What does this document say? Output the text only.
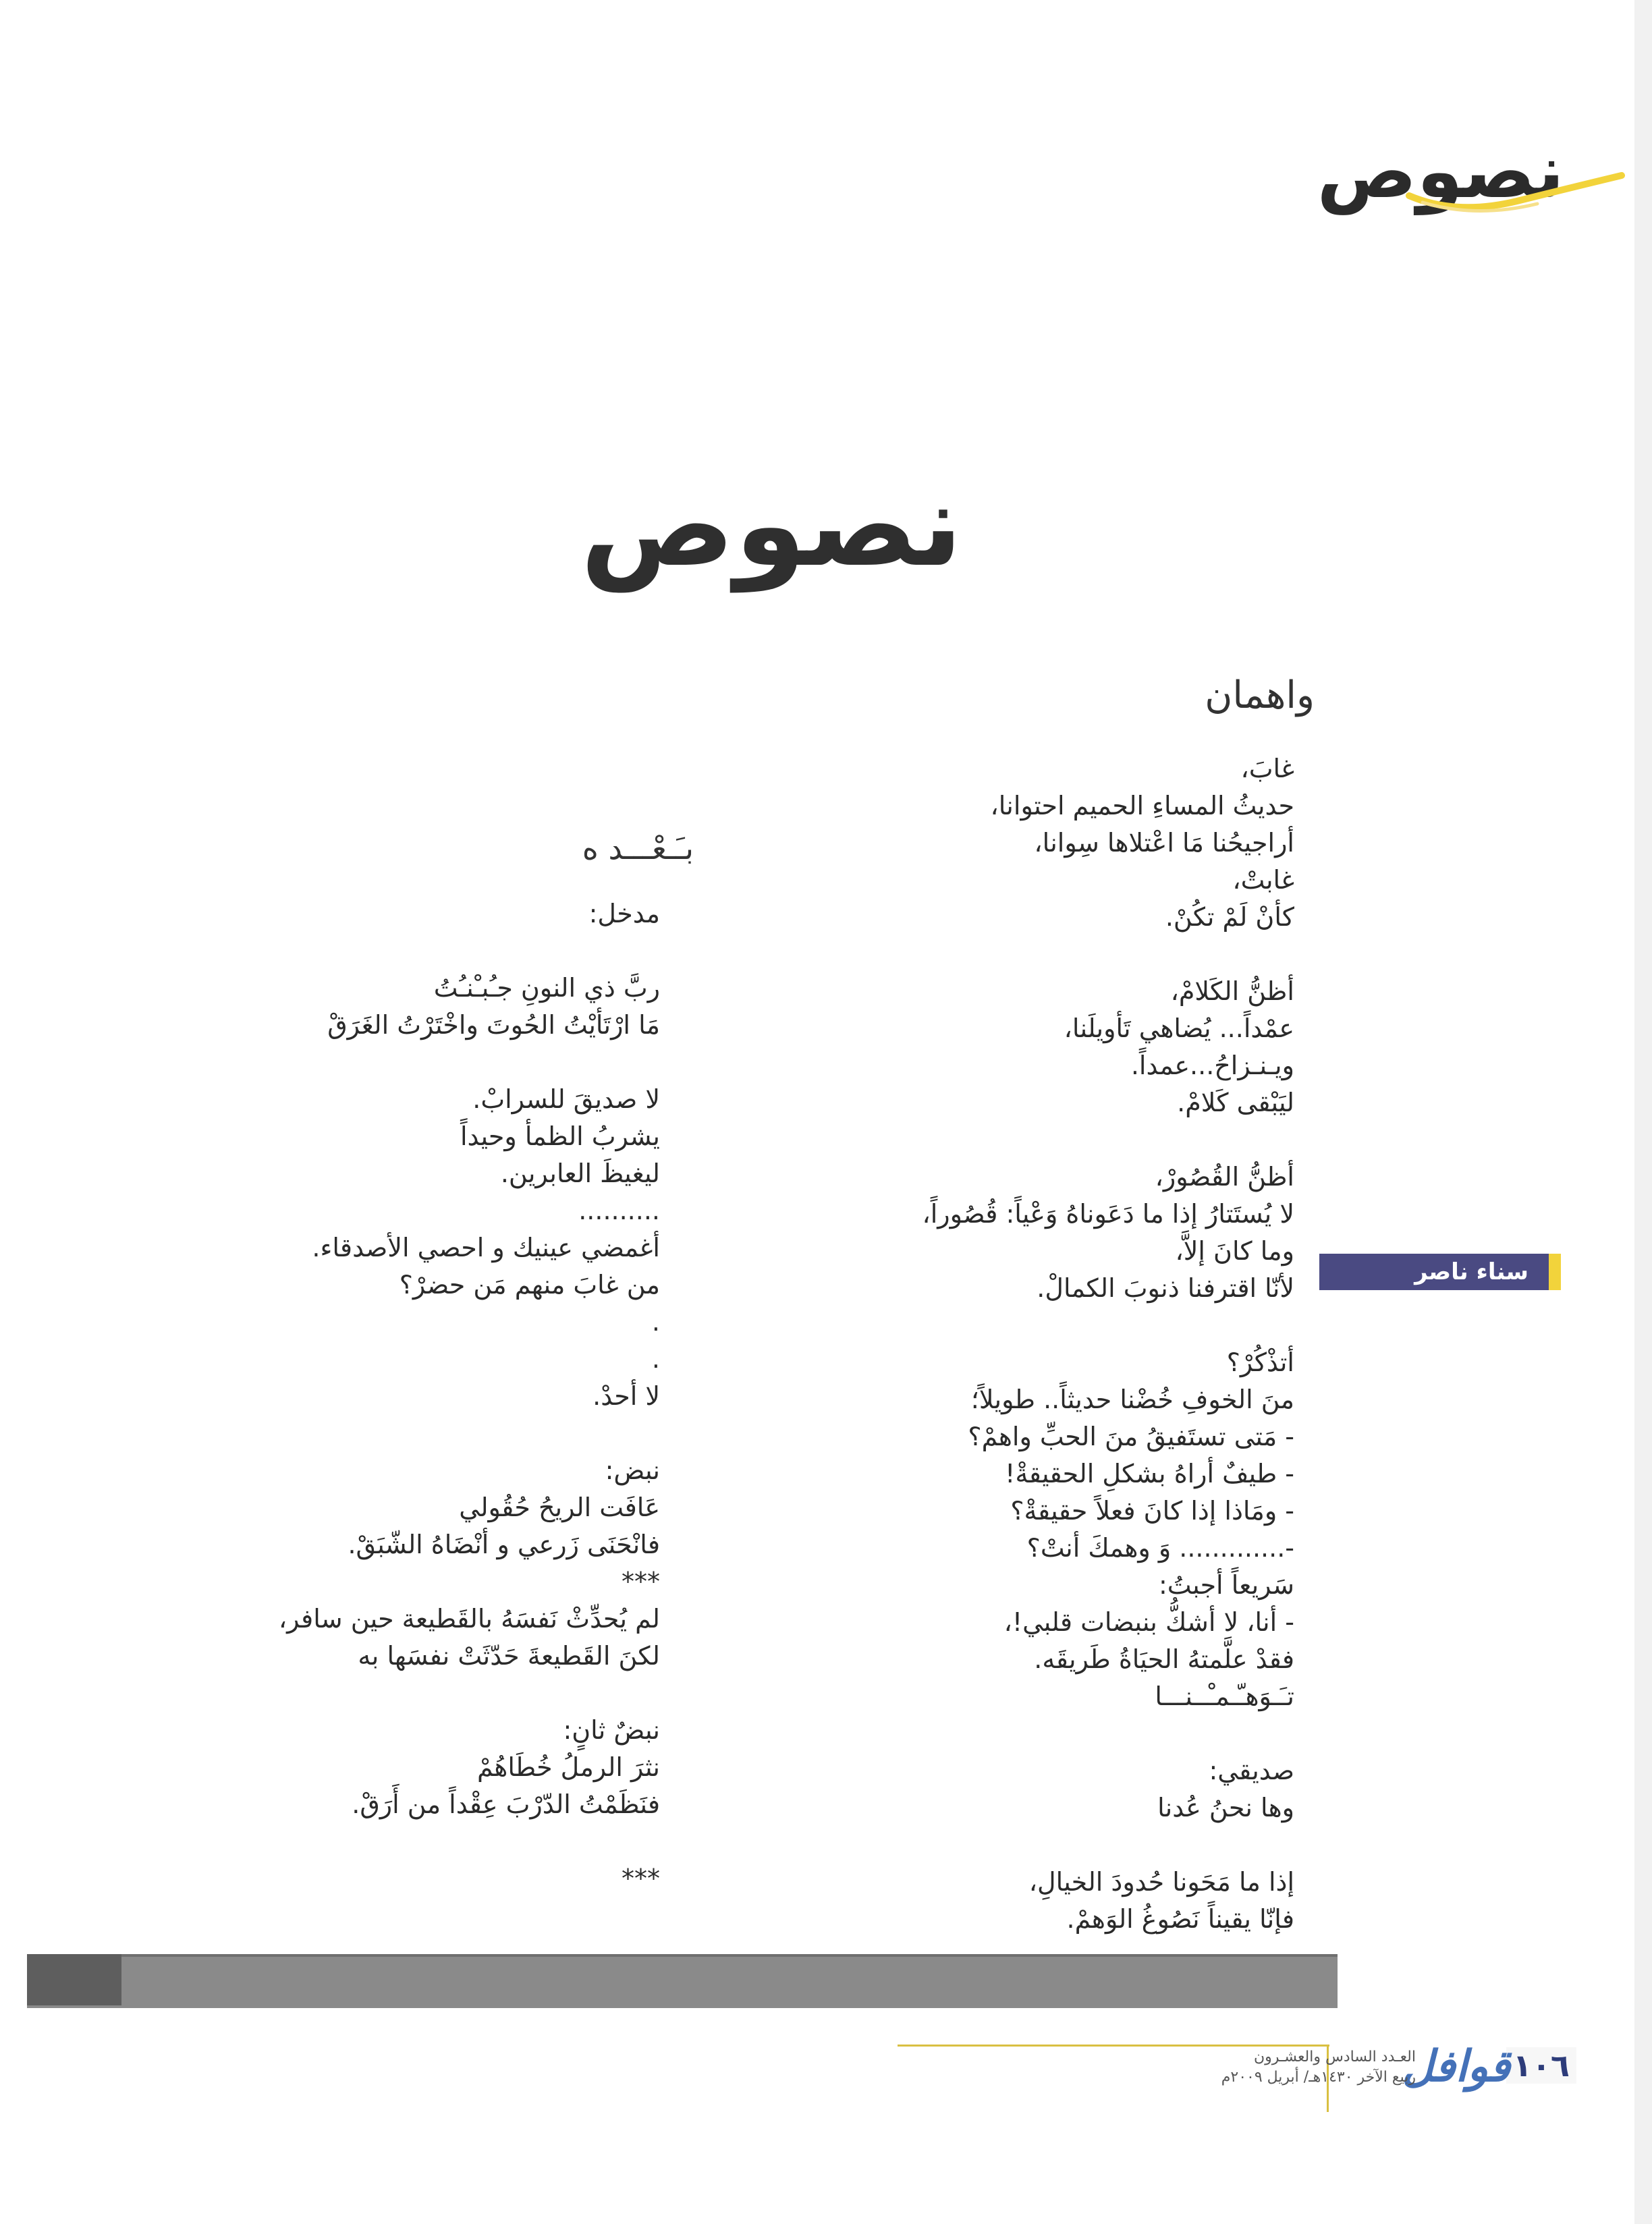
نصوص
نصوص
واهمان
غابَ،
حديثُ المساءِ الحميم احتوانا،
أراجيحُنا مَا اعْتلاها سِوانا،
غابتْ،
كأنْ لَمْ تكُنْ.
أظنُّ الكَلامْ،
عمْداً... يُضاهي تَأويلَنا،
ويـنـزاحُ...عمداً.
ليَبْقى كَلامْ.
أظنُّ القُصُورْ،
لا يُستَتارُ إذا ما دَعَوناهُ وَعْياً: قُصُوراً،
وما كانَ إلاَّ،
لأنّا اقترفنا ذنوبَ الكمالْ.
أتذْكُرْ؟
منَ الخوفِ خُضْنا حديثاً.. طويلاً؛
- مَتى تستَفيقُ منَ الحبِّ واهمْ؟
- طيفٌ أراهُ بشكلِ الحقيقةْ!
- ومَاذا إذا كانَ فعلاً حقيقةْ؟
-............. وَ وهمكَ أنتْ؟
سَريعاً أجبتُ:
- أنا، لا أشكُّ بنبضات قلبي!،
فقدْ علَّمتهُ الحيَاةُ طَريقَه.
تـَـوَهـّـمـْــنـــا
صديقي:
وها نحنُ عُدنا
إذا ما مَحَونا حُدودَ الخيالِ،
فإنّا يقيناً نَصُوغُ الوَهمْ.
بـَـعْـــد ه
مدخل:
ربَّ ذي النونِ جـُبـْنـُتُ
مَا ارْتَأيْتُ الحُوتَ واخْتَرْتُ الغَرَقْ
لا صديقَ للسرابْ.
يشربُ الظمأ وحيداً
ليغيظَ العابرين.
..........
أغمضي عينيك و احصي الأصدقاء.
من غابَ منهم مَن حضرْ؟
.
.
لا أحدْ.
نبض:
عَافَت الريحُ حُقُولي
فانْحَنَى زَرعي و أنْضَاهُ الشّبَقْ.
***
لم يُحدِّثْ نَفسَهُ بالقَطيعة حين سافر،
لكنَ القَطيعةَ حَدّثَتْ نفسَها به
نبضٌ ثانٍ:
نثرَ الرملُ خُطَاهُمْ
فنَظَمْتُ الدّرْبَ عِقْداً من أَرَقْ.
***
سناء ناصر
١٠٦
قوافل
العـدد السادس والعشـرون
ربيع الآخر ١٤٣٠هـ/ أبريل ٢٠٠٩م
